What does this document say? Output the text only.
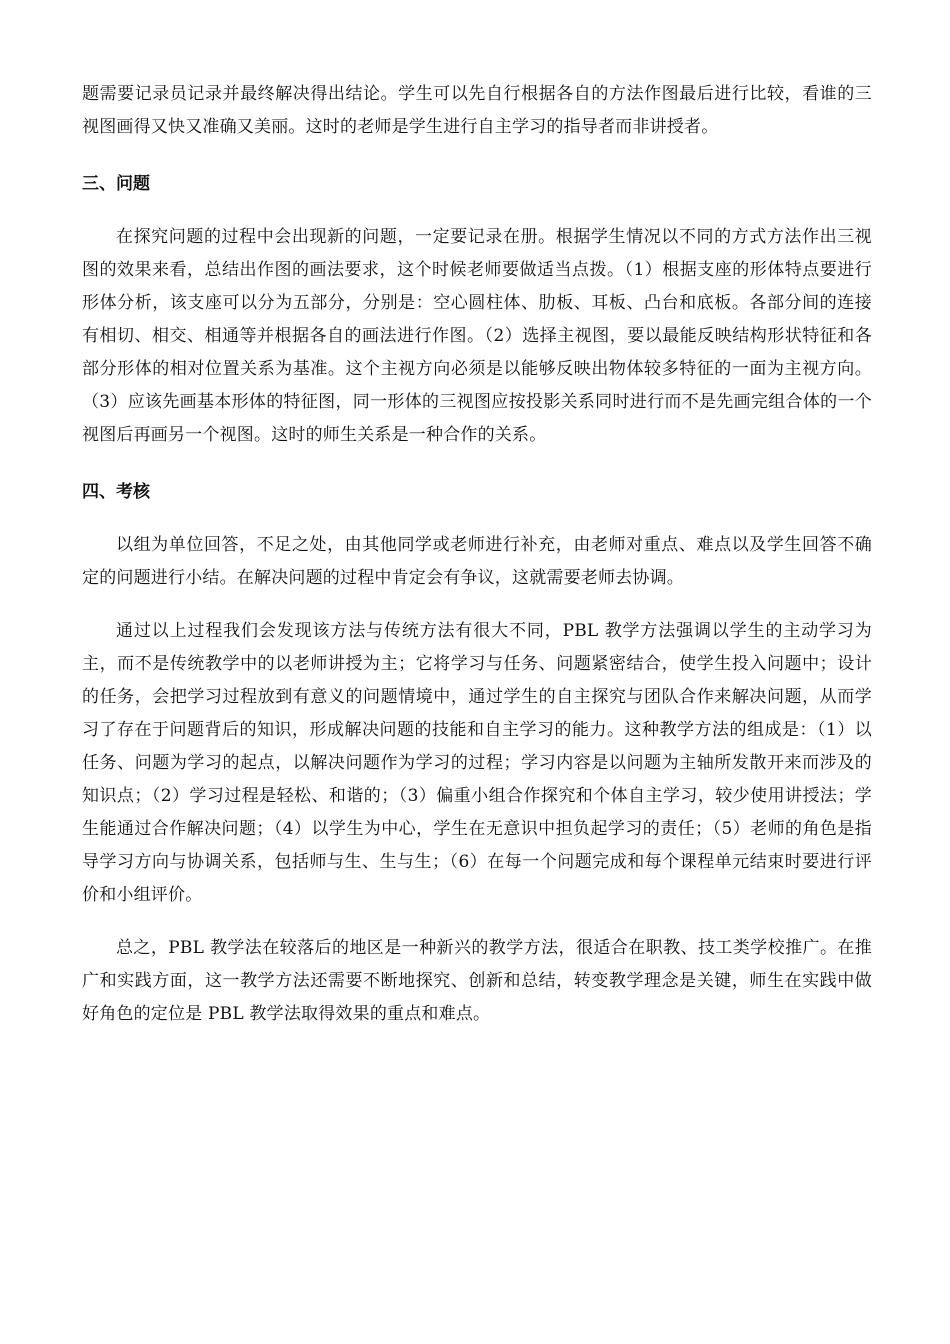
题需要记录员记录并最终解决得出结论。学生可以先自行根据各自的方法作图最后进行比较，看谁的三视图画得又快又准确又美丽。这时的老师是学生进行自主学习的指导者而非讲授者。

三、问题

在探究问题的过程中会出现新的问题，一定要记录在册。根据学生情况以不同的方式方法作出三视图的效果来看，总结出作图的画法要求，这个时候老师要做适当点拨。（1）根据支座的形体特点要进行形体分析，该支座可以分为五部分，分别是：空心圆柱体、肋板、耳板、凸台和底板。各部分间的连接有相切、相交、相通等并根据各自的画法进行作图。（2）选择主视图，要以最能反映结构形状特征和各部分形体的相对位置关系为基准。这个主视方向必须是以能够反映出物体较多特征的一面为主视方向。（3）应该先画基本形体的特征图，同一形体的三视图应按投影关系同时进行而不是先画完组合体的一个视图后再画另一个视图。这时的师生关系是一种合作的关系。

四、考核

以组为单位回答，不足之处，由其他同学或老师进行补充，由老师对重点、难点以及学生回答不确定的问题进行小结。在解决问题的过程中肯定会有争议，这就需要老师去协调。

通过以上过程我们会发现该方法与传统方法有很大不同，PBL 教学方法强调以学生的主动学习为主，而不是传统教学中的以老师讲授为主；它将学习与任务、问题紧密结合，使学生投入问题中；设计的任务，会把学习过程放到有意义的问题情境中，通过学生的自主探究与团队合作来解决问题，从而学习了存在于问题背后的知识，形成解决问题的技能和自主学习的能力。这种教学方法的组成是：（1）以任务、问题为学习的起点，以解决问题作为学习的过程；学习内容是以问题为主轴所发散开来而涉及的知识点；（2）学习过程是轻松、和谐的；（3）偏重小组合作探究和个体自主学习，较少使用讲授法；学生能通过合作解决问题；（4）以学生为中心，学生在无意识中担负起学习的责任；（5）老师的角色是指导学习方向与协调关系，包括师与生、生与生；（6）在每一个问题完成和每个课程单元结束时要进行评价和小组评价。

总之，PBL 教学法在较落后的地区是一种新兴的教学方法，很适合在职教、技工类学校推广。在推广和实践方面，这一教学方法还需要不断地探究、创新和总结，转变教学理念是关键，师生在实践中做好角色的定位是 PBL 教学法取得效果的重点和难点。
